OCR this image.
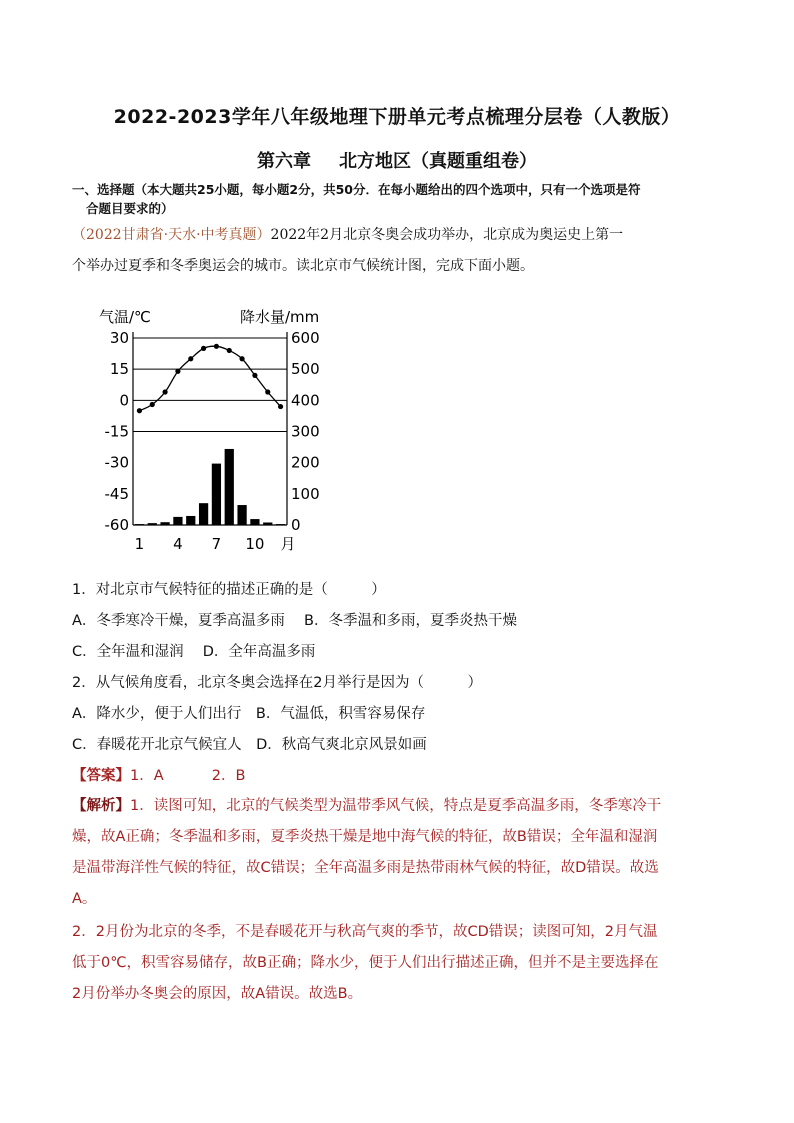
2022-2023学年八年级地理下册单元考点梳理分层卷（人教版）
第六章 北方地区（真题重组卷）
一、选择题（本大题共25小题，每小题2分，共50分．在每小题给出的四个选项中，只有一个选项是符
合题目要求的）
（2022甘肃省·天水·中考真题）2022年2月北京冬奥会成功举办，北京成为奥运史上第一
个举办过夏季和冬季奥运会的城市。读北京市气候统计图，完成下面小题。
30
15
0
-15
-30
-45
-60
600
500
400
300
200
100
0
气温/℃	降水量/mm
1 4 7 10 月
1．对北京市气候特征的描述正确的是（　　　）
A．冬季寒冷干燥，夏季高温多雨　 B．冬季温和多雨，夏季炎热干燥
C．全年温和湿润　 D．全年高温多雨
2．从气候角度看，北京冬奥会选择在2月举行是因为（　　　）
A．降水少，便于人们出行　B．气温低，积雪容易保存
C．春暖花开北京气候宜人　D．秋高气爽北京风景如画
【答案】1．A　　　 2．B
【解析】1．读图可知，北京的气候类型为温带季风气候，特点是夏季高温多雨，冬季寒冷干
燥，故A正确；冬季温和多雨，夏季炎热干燥是地中海气候的特征，故B错误；全年温和湿润
是温带海洋性气候的特征，故C错误；全年高温多雨是热带雨林气候的特征，故D错误。故选
A。
2．2月份为北京的冬季，不是春暖花开与秋高气爽的季节，故CD错误；读图可知，2月气温
低于0℃，积雪容易储存，故B正确；降水少，便于人们出行描述正确，但并不是主要选择在
2月份举办冬奥会的原因，故A错误。故选B。
